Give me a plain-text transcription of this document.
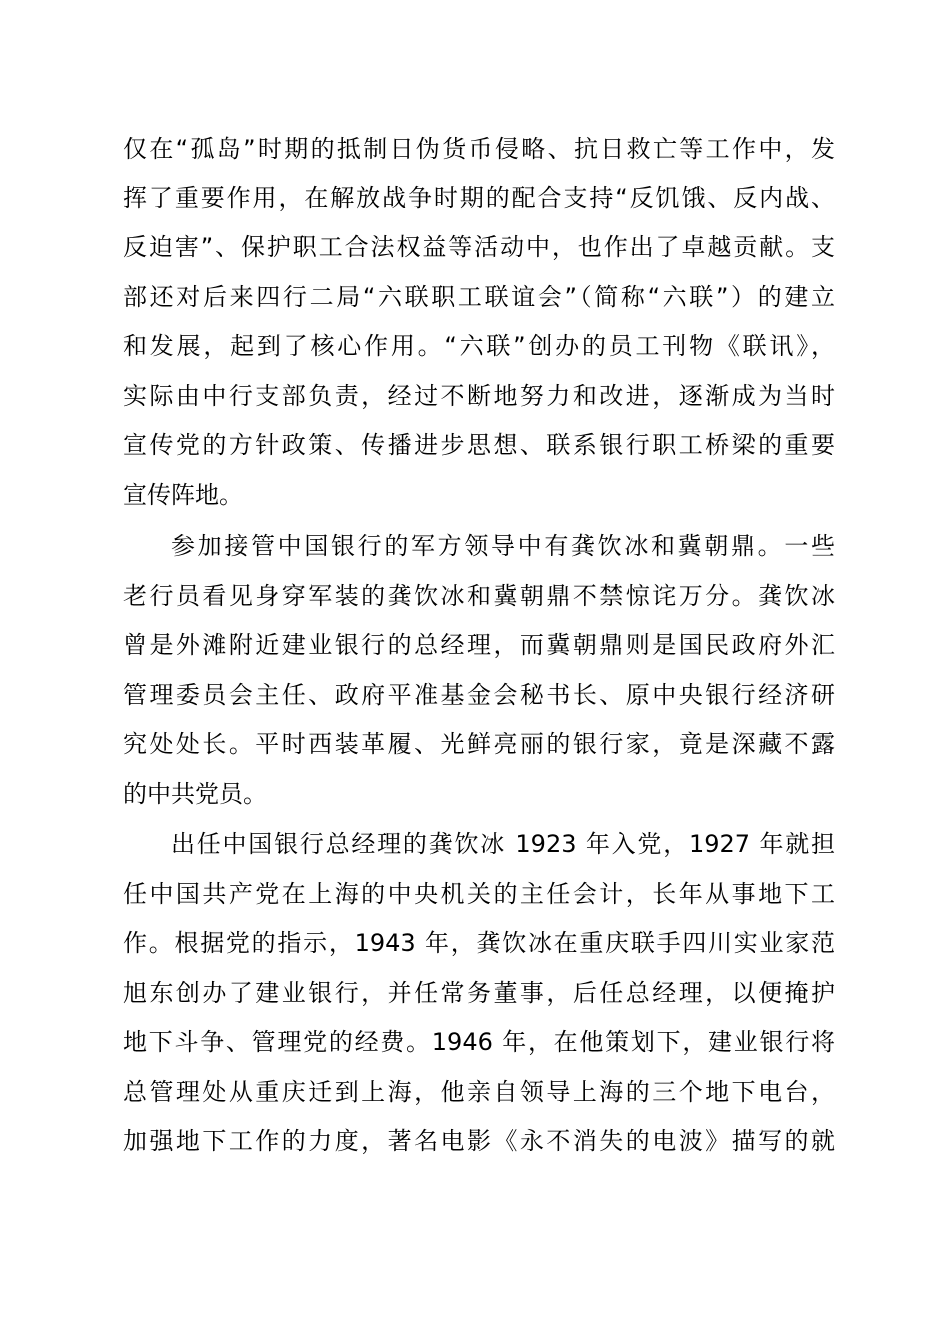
仅在“孤岛”时期的抵制日伪货币侵略、抗日救亡等工作中，发
挥了重要作用，在解放战争时期的配合支持“反饥饿、反内战、
反迫害”、保护职工合法权益等活动中，也作出了卓越贡献。支
部还对后来四行二局“六联职工联谊会”（简称“六联”）的建立
和发展，起到了核心作用。“六联”创办的员工刊物《联讯》，
实际由中行支部负责，经过不断地努力和改进，逐渐成为当时
宣传党的方针政策、传播进步思想、联系银行职工桥梁的重要
宣传阵地。
参加接管中国银行的军方领导中有龚饮冰和冀朝鼎。一些
老行员看见身穿军装的龚饮冰和冀朝鼎不禁惊诧万分。龚饮冰
曾是外滩附近建业银行的总经理，而冀朝鼎则是国民政府外汇
管理委员会主任、政府平准基金会秘书长、原中央银行经济研
究处处长。平时西装革履、光鲜亮丽的银行家，竟是深藏不露
的中共党员。
出任中国银行总经理的龚饮冰 1923 年入党，1927 年就担
任中国共产党在上海的中央机关的主任会计，长年从事地下工
作。根据党的指示，1943 年，龚饮冰在重庆联手四川实业家范
旭东创办了建业银行，并任常务董事，后任总经理，以便掩护
地下斗争、管理党的经费。1946 年，在他策划下，建业银行将
总管理处从重庆迁到上海，他亲自领导上海的三个地下电台，
加强地下工作的力度，著名电影《永不消失的电波》描写的就
